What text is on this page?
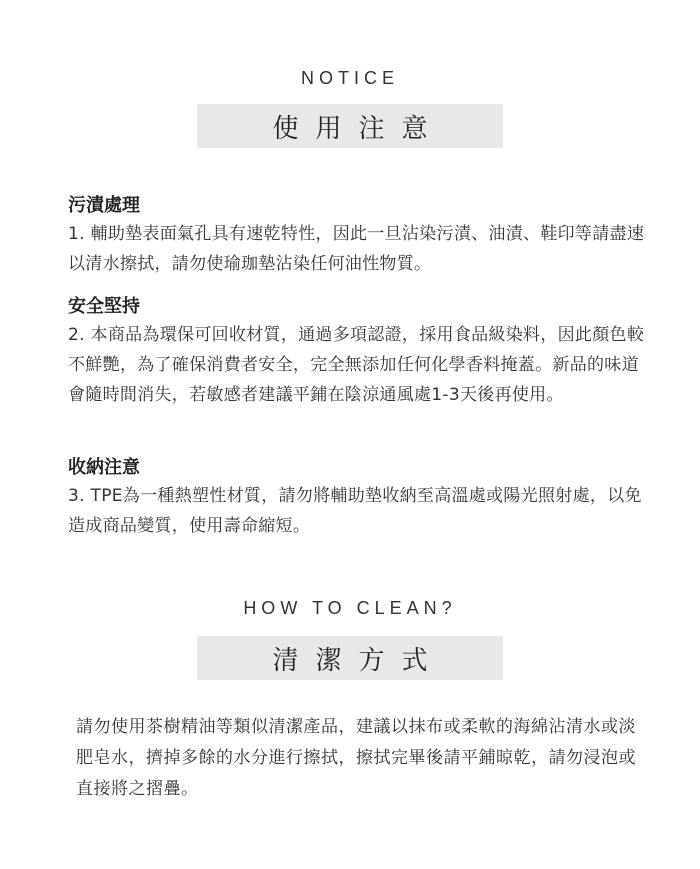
NOTICE
使用注意
污漬處理

1. 輔助墊表面氣孔具有速乾特性，因此一旦沾染污漬、油漬、鞋印等請盡速以清水擦拭，請勿使瑜珈墊沾染任何油性物質。

安全堅持

2. 本商品為環保可回收材質，通過多項認證，採用食品級染料，因此顏色較不鮮艷，為了確保消費者安全，完全無添加任何化學香料掩蓋。新品的味道會隨時間消失，若敏感者建議平鋪在陰涼通風處1-3天後再使用。

收納注意

3. TPE為一種熱塑性材質，請勿將輔助墊收納至高溫處或陽光照射處，以免造成商品變質，使用壽命縮短。

HOW TO CLEAN?
清潔方式

請勿使用茶樹精油等類似清潔產品，建議以抹布或柔軟的海綿沾清水或淡肥皂水，擠掉多餘的水分進行擦拭，擦拭完畢後請平鋪晾乾，請勿浸泡或直接將之摺疊。
